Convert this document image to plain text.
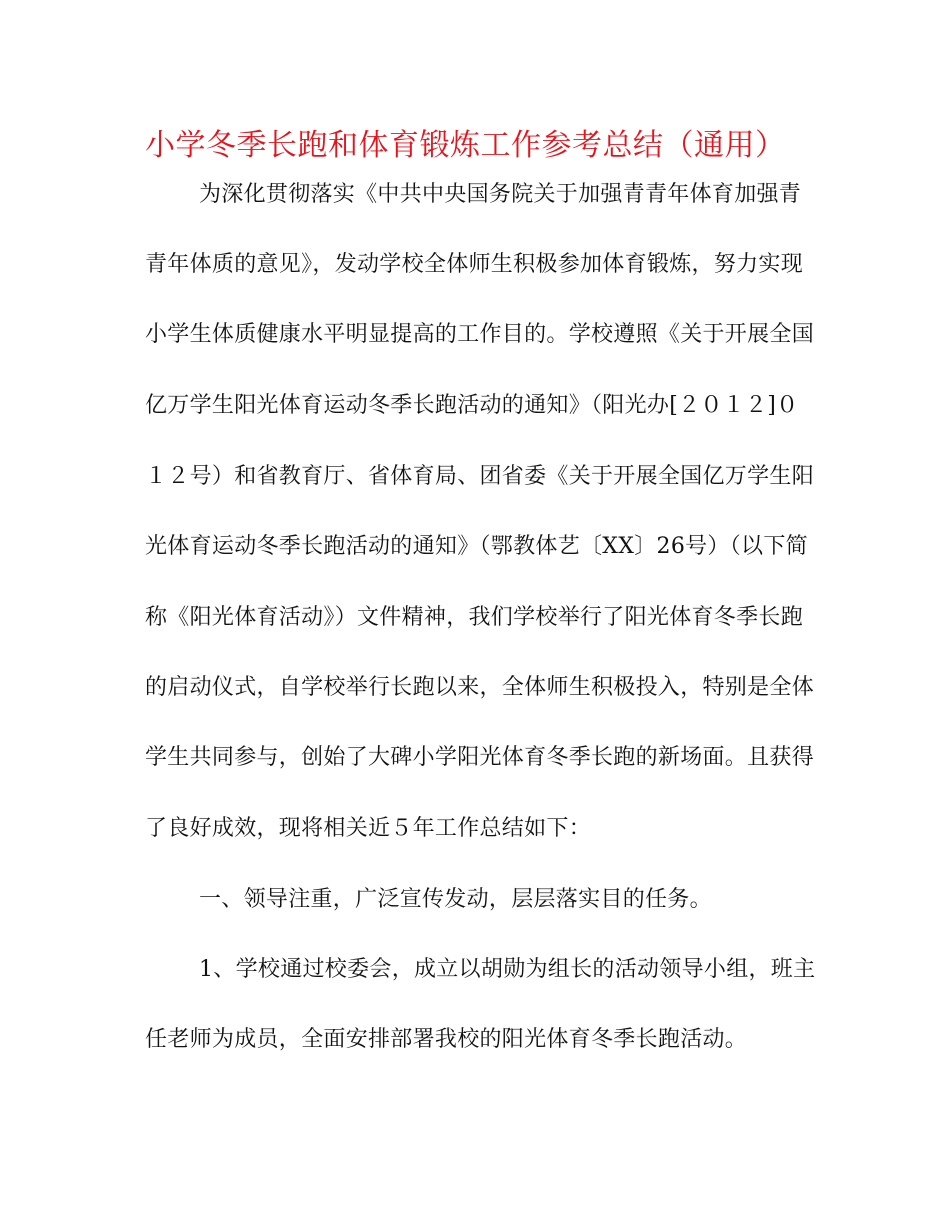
小学冬季长跑和体育锻炼工作参考总结（通用）

为深化贯彻落实《中共中央国务院关于加强青青年体育加强青

青年体质的意见》，发动学校全体师生积极参加体育锻炼，努力实现

小学生体质健康水平明显提高的工作目的。学校遵照《关于开展全国

亿万学生阳光体育运动冬季长跑活动的通知》（阳光办[２０１２]０

１２号）和省教育厅、省体育局、团省委《关于开展全国亿万学生阳

光体育运动冬季长跑活动的通知》（鄂教体艺〔XX〕26号）（以下简

称《阳光体育活动》）文件精神，我们学校举行了阳光体育冬季长跑

的启动仪式，自学校举行长跑以来，全体师生积极投入，特别是全体

学生共同参与，创始了大碑小学阳光体育冬季长跑的新场面。且获得

了良好成效，现将相关近５年工作总结如下：

一、领导注重，广泛宣传发动，层层落实目的任务。

1、学校通过校委会，成立以胡勋为组长的活动领导小组，班主

任老师为成员，全面安排部署我校的阳光体育冬季长跑活动。
